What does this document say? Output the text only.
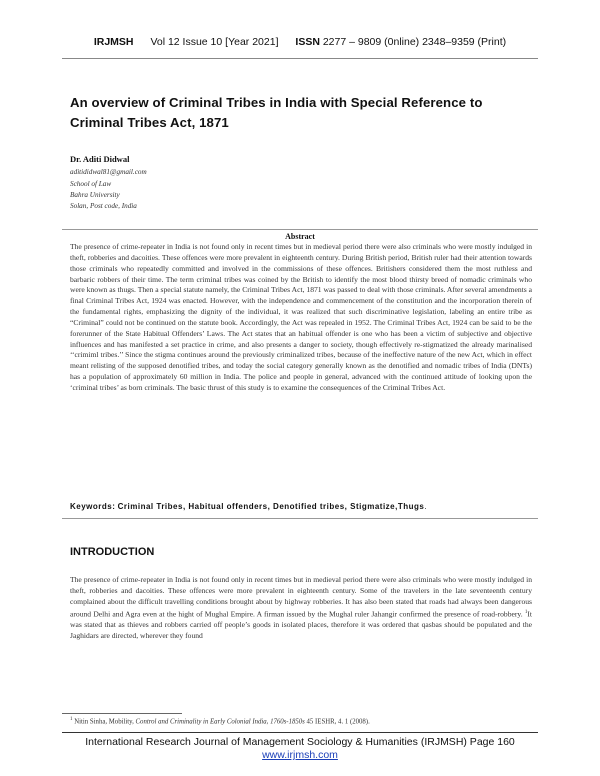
IRJMSH Vol 12 Issue 10 [Year 2021] ISSN 2277 – 9809 (0nline) 2348–9359 (Print)
An overview of Criminal Tribes in India with Special Reference to Criminal Tribes Act, 1871
Dr. Aditi Didwal
aditididwal81@gmail.com
School of Law
Bahra University
Solan, Post code, India
Abstract
The presence of crime-repeater in India is not found only in recent times but in medieval period there were also criminals who were mostly indulged in theft, robberies and dacoities. These offences were more prevalent in eighteenth century. During British period, British ruler had their attention towards those criminals who repeatedly committed and involved in the commissions of these offences. Britishers considered them the most ruthless and barbaric robbers of their time. The term criminal tribes was coined by the British to identify the most blood thirsty breed of nomadic criminals who were known as thugs. Then a special statute namely, the Criminal Tribes Act, 1871 was passed to deal with those criminals. After several amendments a final Criminal Tribes Act, 1924 was enacted. However, with the independence and commencement of the constitution and the incorporation therein of the fundamental rights, emphasizing the dignity of the individual, it was realized that such discriminative legislation, labeling an entire tribe as “Criminal” could not be continued on the statute book. Accordingly, the Act was repealed in 1952. The Criminal Tribes Act, 1924 can be said to be the forerunner of the State Habitual Offenders’ Laws. The Act states that an habitual offender is one who has been a victim of subjective and objective influences and has manifested a set practice in crime, and also presents a danger to society, though effectively re-stigmatized the already marinalised ‘‘crimiml tribes.’’ Since the stigma continues around the previously criminalized tribes, because of the ineffective nature of the new Act, which in effect meant relisting of the supposed denotified tribes, and today the social category generally known as the denotified and nomadic tribes of India (DNTs) has a population of approximately 60 million in India. The police and people in general, advanced with the continued attitude of looking upon the ‘criminal tribes’ as born criminals. The basic thrust of this study is to examine the consequences of the Criminal Tribes Act.
Keywords: Criminal Tribes, Habitual offenders, Denotified tribes, Stigmatize,Thugs.
INTRODUCTION
The presence of crime-repeater in India is not found only in recent times but in medieval period there were also criminals who were mostly indulged in theft, robberies and dacoities. These offences were more prevalent in eighteenth century. Some of the travelers in the late seventeenth century complained about the difficult travelling conditions brought about by highway robberies. It has also been stated that roads had always been dangerous around Delhi and Agra even at the hight of Mughal Empire. A firman issued by the Mughal ruler Jahangir confirmed the presence of road-robbery. $^1$It was stated that as thieves and robbers carried off people’s goods in isolated places, therefore it was ordered that qasbas should be populated and the Jaghidars are directed, wherever they found
$^1$ Nitin Sinha, Mobility, Control and Criminality in Early Colonial India, 1760s-1850s 45 IESHR, 4. 1 (2008).
International Research Journal of Management Sociology & Humanities (IRJMSH) Page 160
www.irjmsh.com
